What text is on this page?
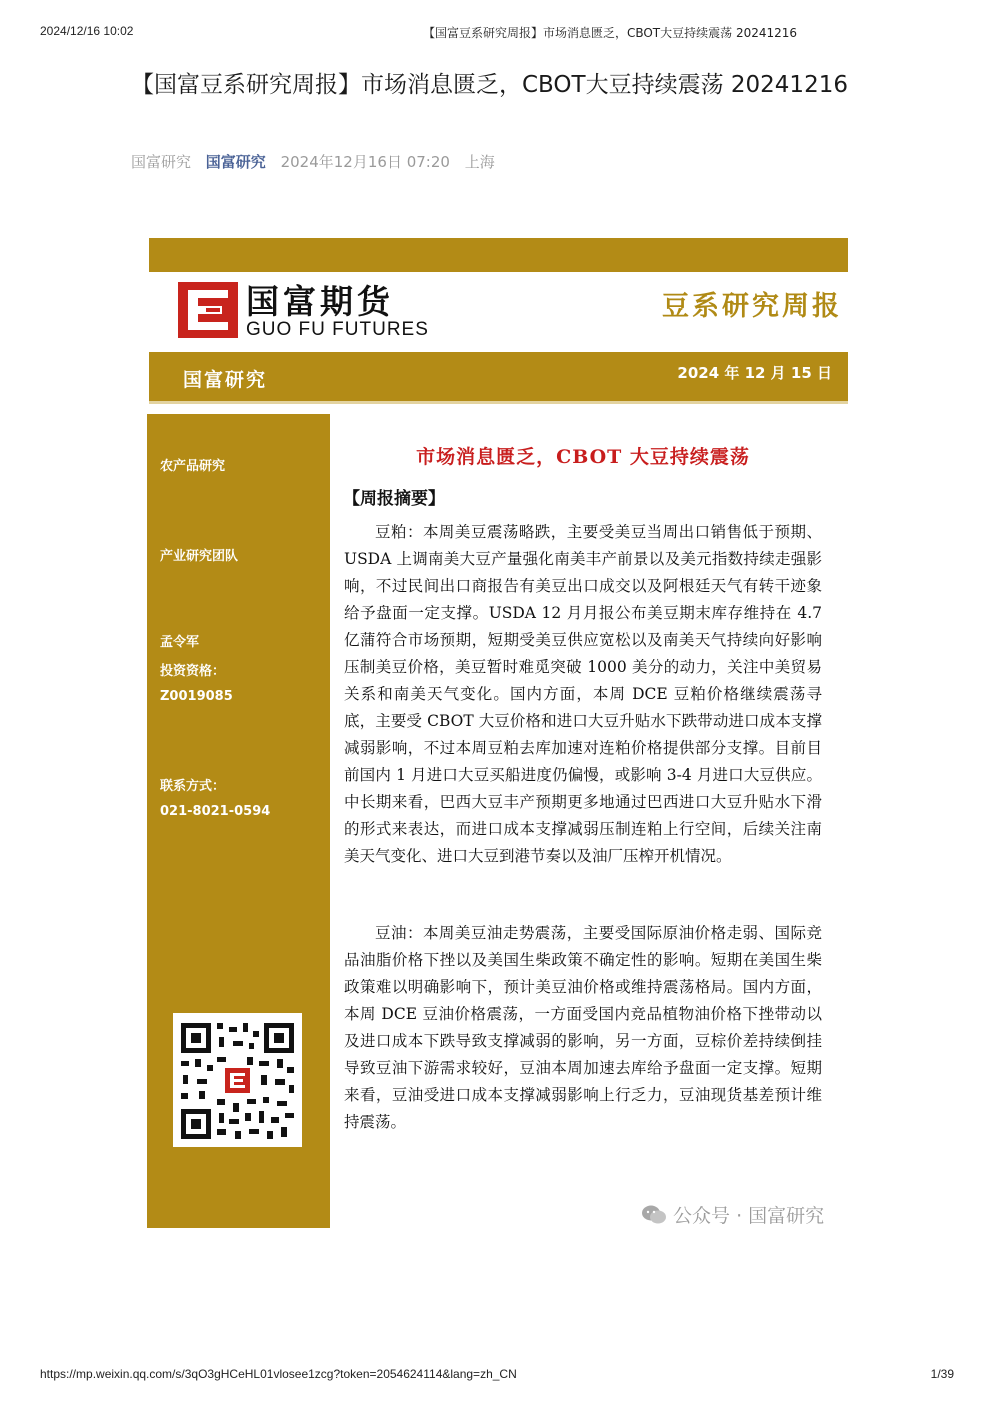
2024/12/16 10:02	【国富豆系研究周报】市场消息匮乏，CBOT大豆持续震荡 20241216
【国富豆系研究周报】市场消息匮乏，CBOT大豆持续震荡 20241216
国富研究 国富研究 2024年12月16日 07:20 上海
国富期货
GUO FU FUTURES
豆系研究周报
国富研究	2024 年 12 月 15 日
农产品研究
产业研究团队
孟令军
投资资格：
Z0019085
联系方式：
021-8021-0594
市场消息匮乏，CBOT 大豆持续震荡
【周报摘要】
豆粕：本周美豆震荡略跌，主要受美豆当周出口销售低于预期、USDA 上调南美大豆产量强化南美丰产前景以及美元指数持续走强影响，不过民间出口商报告有美豆出口成交以及阿根廷天气有转干迹象给予盘面一定支撑。USDA 12 月月报公布美豆期末库存维持在 4.7 亿蒲符合市场预期，短期受美豆供应宽松以及南美天气持续向好影响压制美豆价格，美豆暂时难觅突破 1000 美分的动力，关注中美贸易关系和南美天气变化。国内方面，本周 DCE 豆粕价格继续震荡寻底，主要受 CBOT 大豆价格和进口大豆升贴水下跌带动进口成本支撑减弱影响，不过本周豆粕去库加速对连粕价格提供部分支撑。目前目前国内 1 月进口大豆买船进度仍偏慢，或影响 3-4 月进口大豆供应。中长期来看，巴西大豆丰产预期更多地通过巴西进口大豆升贴水下滑的形式来表达，而进口成本支撑减弱压制连粕上行空间，后续关注南美天气变化、进口大豆到港节奏以及油厂压榨开机情况。
豆油：本周美豆油走势震荡，主要受国际原油价格走弱、国际竞品油脂价格下挫以及美国生柴政策不确定性的影响。短期在美国生柴政策难以明确影响下，预计美豆油价格或维持震荡格局。国内方面，本周 DCE 豆油价格震荡，一方面受国内竞品植物油价格下挫带动以及进口成本下跌导致支撑减弱的影响，另一方面，豆棕价差持续倒挂导致豆油下游需求较好，豆油本周加速去库给予盘面一定支撑。短期来看，豆油受进口成本支撑减弱影响上行乏力，豆油现货基差预计维持震荡。
公众号 · 国富研究
https://mp.weixin.qq.com/s/3qO3gHCeHL01vlosee1zcg?token=2054624114&lang=zh_CN	1/39
